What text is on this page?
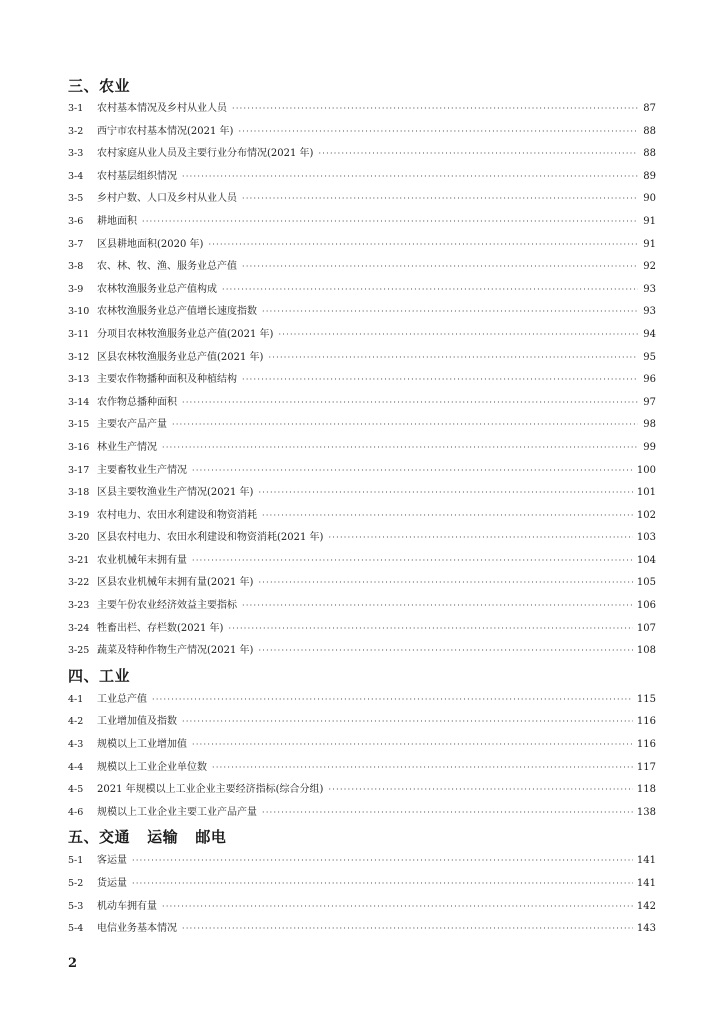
三、农业
3-1	农村基本情况及乡村从业人员 ·····	87
3-2	西宁市农村基本情况(2021 年) ·····	88
3-3	农村家庭从业人员及主要行业分布情况(2021 年) ·····	88
3-4	农村基层组织情况 ·····	89
3-5	乡村户数、人口及乡村从业人员 ·····	90
3-6	耕地面积 ·····	91
3-7	区县耕地面积(2020 年) ·····	91
3-8	农、林、牧、渔、服务业总产值 ·····	92
3-9	农林牧渔服务业总产值构成 ·····	93
3-10 农林牧渔服务业总产值增长速度指数 ·····	93
3-11 分项目农林牧渔服务业总产值(2021 年) ·····	94
3-12 区县农林牧渔服务业总产值(2021 年) ·····	95
3-13 主要农作物播种面积及种植结构 ·····	96
3-14 农作物总播种面积 ·····	97
3-15 主要农产品产量 ·····	98
3-16 林业生产情况 ·····	99
3-17 主要畜牧业生产情况 ·····	100
3-18 区县主要牧渔业生产情况(2021 年) ·····	101
3-19 农村电力、农田水利建设和物资消耗 ·····	102
3-20 区县农村电力、农田水利建设和物资消耗(2021 年) ·····	103
3-21 农业机械年末拥有量 ·····	104
3-22 区县农业机械年末拥有量(2021 年) ·····	105
3-23 主要午份农业经济效益主要指标 ·····	106
3-24 牲畜出栏、存栏数(2021 年) ·····	107
3-25 蔬菜及特种作物生产情况(2021 年) ·····	108
四、工业
4-1	工业总产值 ·····	115
4-2	工业增加值及指数 ·····	116
4-3	规模以上工业增加值 ·····	116
4-4	规模以上工业企业单位数 ·····	117
4-5	2021 年规模以上工业企业主要经济指标(综合分组) ·····	118
4-6	规模以上工业企业主要工业产品产量 ·····	138
五、交通   运输   邮电
5-1	客运量 ·····	141
5-2	货运量 ·····	141
5-3	机动车拥有量 ·····	142
5-4	电信业务基本情况 ·····	143
2
